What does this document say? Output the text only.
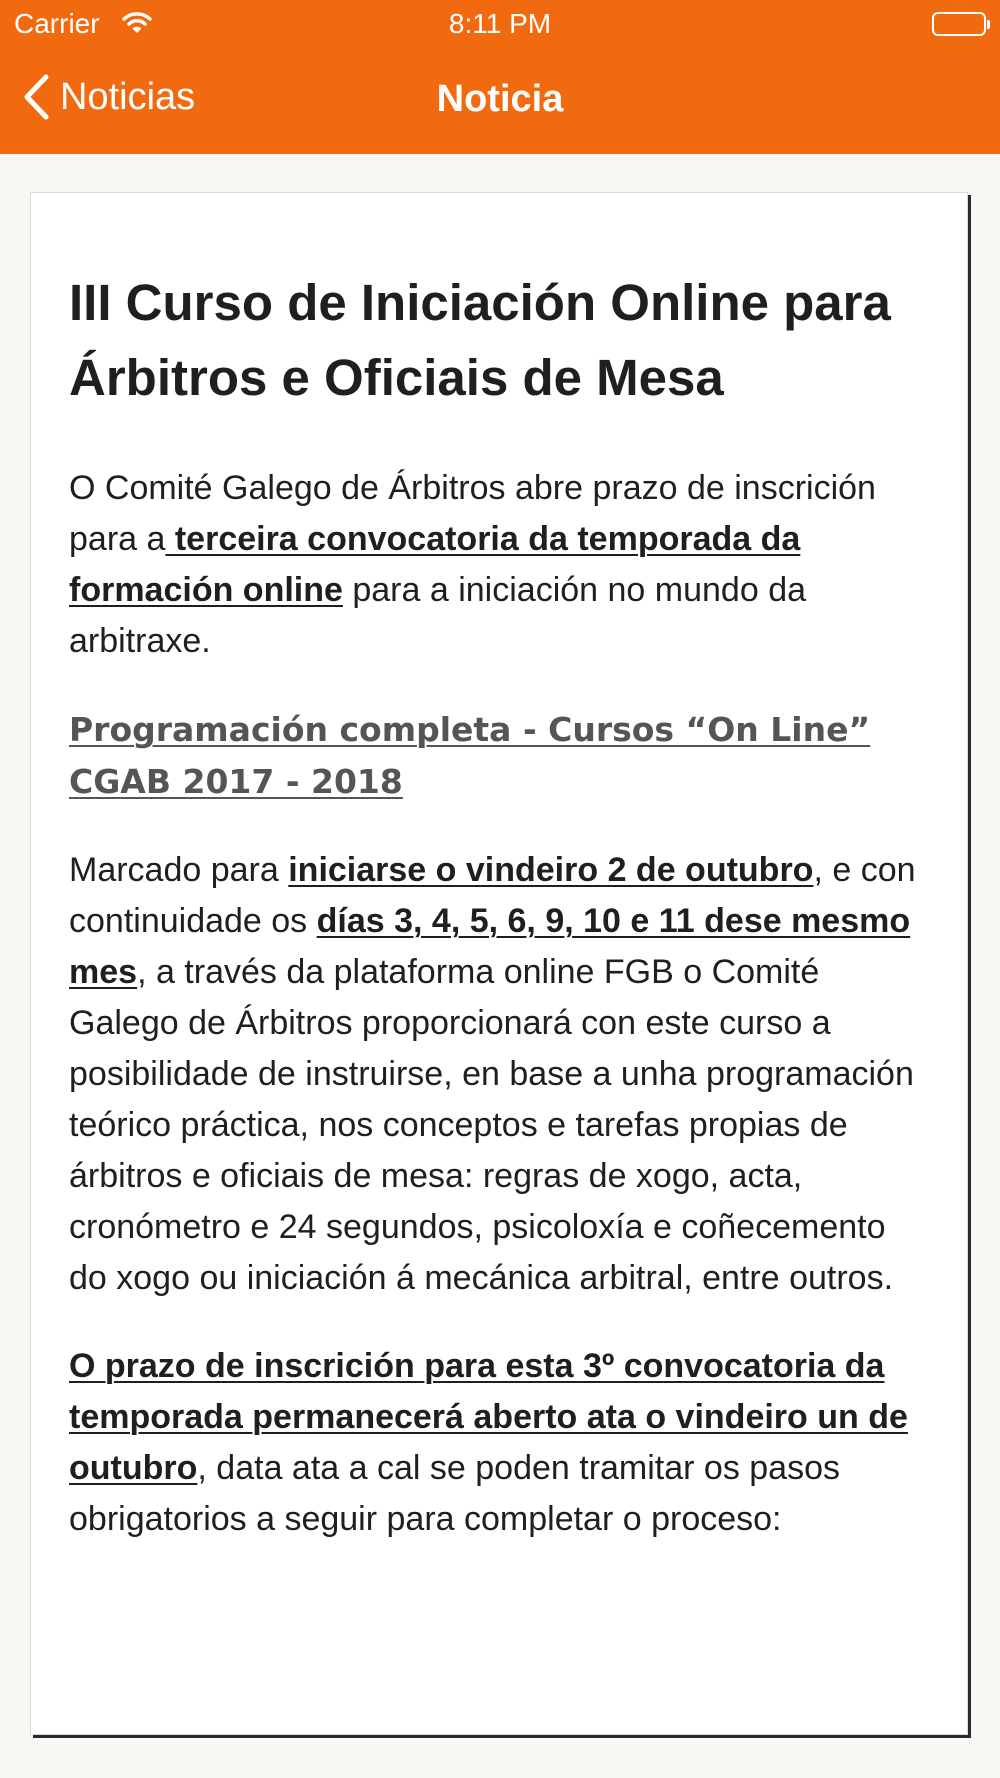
Carrier	8:11 PM
Noticias	Noticia
III Curso de Iniciación Online para Árbitros e Oficiais de Mesa

O Comité Galego de Árbitros abre prazo de inscrición para a terceira convocatoria da temporada da formación online para a iniciación no mundo da arbitraxe.

Programación completa - Cursos “On Line” CGAB 2017 - 2018

Marcado para iniciarse o vindeiro 2 de outubro, e con continuidade os días 3, 4, 5, 6, 9, 10 e 11 dese mesmo mes, a través da plataforma online FGB o Comité Galego de Árbitros proporcionará con este curso a posibilidade de instruirse, en base a unha programación teórico práctica, nos conceptos e tarefas propias de árbitros e oficiais de mesa: regras de xogo, acta, cronómetro e 24 segundos, psicoloxía e coñecemento do xogo ou iniciación á mecánica arbitral, entre outros.

O prazo de inscrición para esta 3º convocatoria da temporada permanecerá aberto ata o vindeiro un de outubro, data ata a cal se poden tramitar os pasos obrigatorios a seguir para completar o proceso:
